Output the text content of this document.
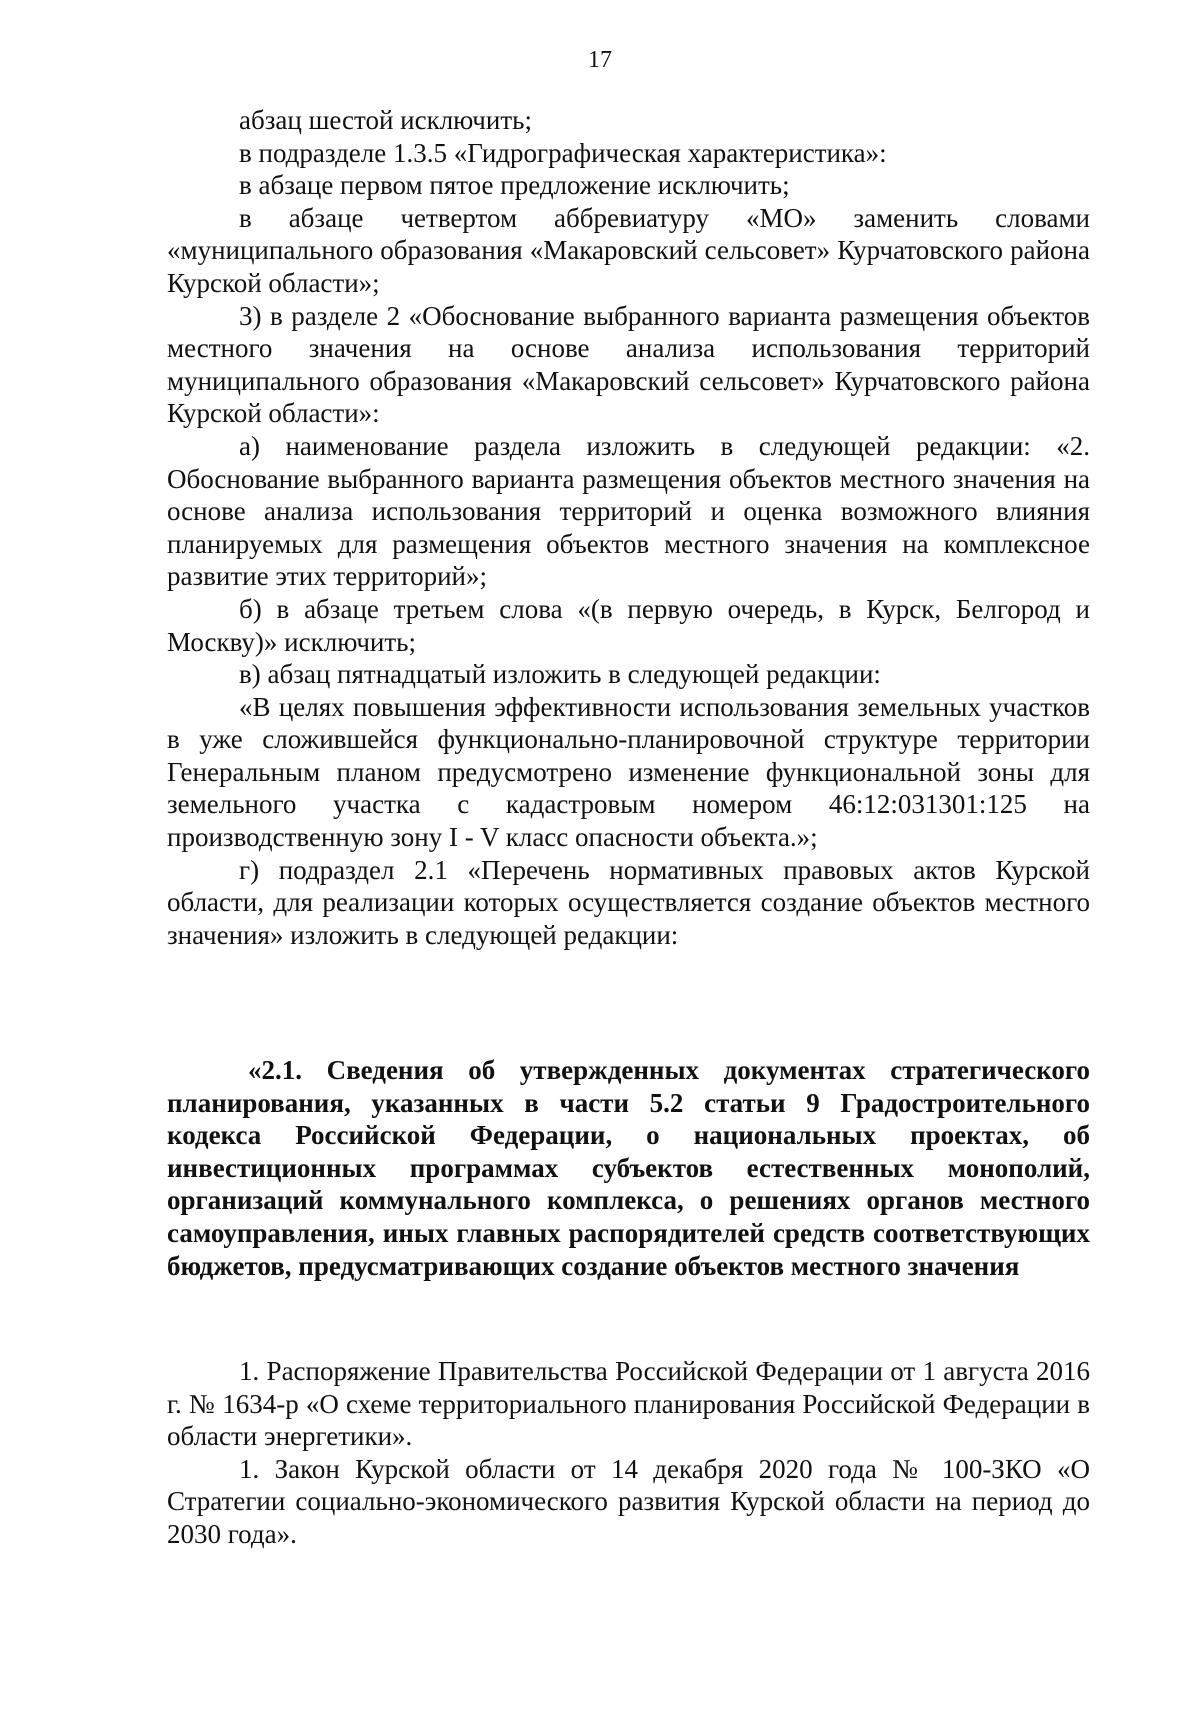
17

абзац шестой исключить;

в подразделе 1.3.5 «Гидрографическая характеристика»:

в абзаце первом пятое предложение исключить;

в абзаце четвертом аббревиатуру «МО» заменить словами «муниципального образования «Макаровский сельсовет» Курчатовского района Курской области»;

3) в разделе 2 «Обоснование выбранного варианта размещения объектов местного значения на основе анализа использования территорий муниципального образования «Макаровский сельсовет» Курчатовского района Курской области»:

а) наименование раздела изложить в следующей редакции: «2. Обоснование выбранного варианта размещения объектов местного значения на основе анализа использования территорий и оценка возможного влияния планируемых для размещения объектов местного значения на комплексное развитие этих территорий»;

б) в абзаце третьем слова «(в первую очередь, в Курск, Белгород и Москву)» исключить;

в) абзац пятнадцатый изложить в следующей редакции:

«В целях повышения эффективности использования земельных участков в уже сложившейся функционально-планировочной структуре территории Генеральным планом предусмотрено изменение функциональной зоны для земельного участка с кадастровым номером 46:12:031301:125 на производственную зону I - V класс опасности объекта.»;

г) подраздел 2.1 «Перечень нормативных правовых актов Курской области, для реализации которых осуществляется создание объектов местного значения» изложить в следующей редакции:

«2.1. Сведения об утвержденных документах стратегического планирования, указанных в части 5.2 статьи 9 Градостроительного кодекса Российской Федерации, о национальных проектах, об инвестиционных программах субъектов естественных монополий, организаций коммунального комплекса, о решениях органов местного самоуправления, иных главных распорядителей средств соответствующих бюджетов, предусматривающих создание объектов местного значения

1. Распоряжение Правительства Российской Федерации от 1 августа 2016 г. № 1634-р «О схеме территориального планирования Российской Федерации в области энергетики».

1. Закон Курской области от 14 декабря 2020 года № 100-ЗКО «О Стратегии социально-экономического развития Курской области на период до 2030 года».
